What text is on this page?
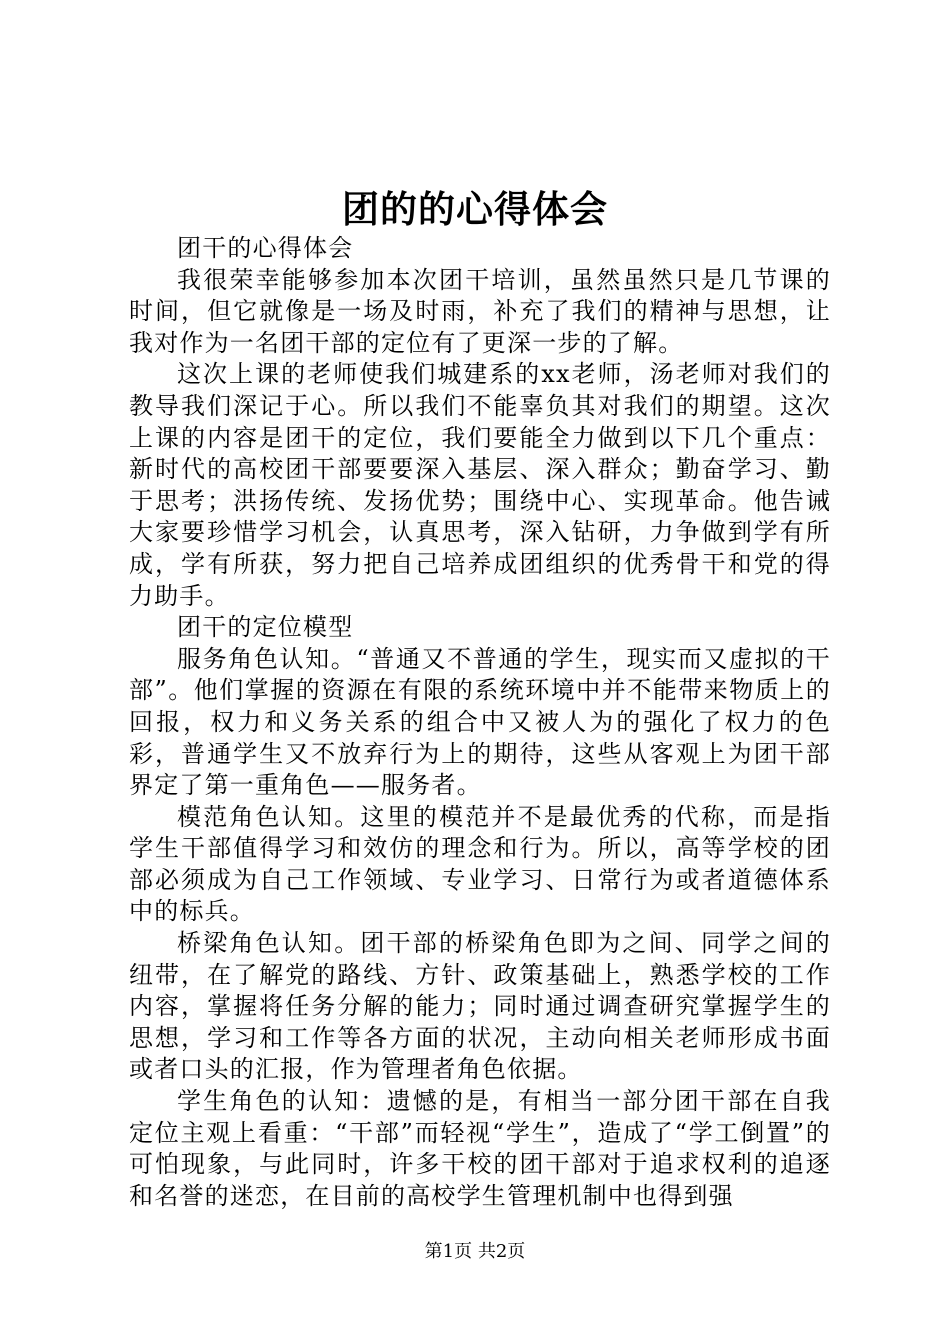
团的的心得体会

团干的心得体会

我很荣幸能够参加本次团干培训，虽然虽然只是几节课的时间，但它就像是一场及时雨，补充了我们的精神与思想，让我对作为一名团干部的定位有了更深一步的了解。

这次上课的老师使我们城建系的xx老师，汤老师对我们的教导我们深记于心。所以我们不能辜负其对我们的期望。这次上课的内容是团干的定位，我们要能全力做到以下几个重点：新时代的高校团干部要要深入基层、深入群众；勤奋学习、勤于思考；洪扬传统、发扬优势；围绕中心、实现革命。他告诫大家要珍惜学习机会，认真思考，深入钻研，力争做到学有所成，学有所获，努力把自己培养成团组织的优秀骨干和党的得力助手。

团干的定位模型

服务角色认知。“普通又不普通的学生，现实而又虚拟的干部”。他们掌握的资源在有限的系统环境中并不能带来物质上的回报，权力和义务关系的组合中又被人为的强化了权力的色彩，普通学生又不放弃行为上的期待，这些从客观上为团干部界定了第一重角色——服务者。

模范角色认知。这里的模范并不是最优秀的代称，而是指学生干部值得学习和效仿的理念和行为。所以，高等学校的团部必须成为自己工作领域、专业学习、日常行为或者道德体系中的标兵。

桥梁角色认知。团干部的桥梁角色即为之间、同学之间的纽带，在了解党的路线、方针、政策基础上，熟悉学校的工作内容，掌握将任务分解的能力；同时通过调查研究掌握学生的思想，学习和工作等各方面的状况，主动向相关老师形成书面或者口头的汇报，作为管理者角色依据。

学生角色的认知：遗憾的是，有相当一部分团干部在自我定位主观上看重：“干部”而轻视“学生”，造成了“学工倒置”的可怕现象，与此同时，许多干校的团干部对于追求权利的追逐和名誉的迷恋，在目前的高校学生管理机制中也得到强

第1页 共2页
